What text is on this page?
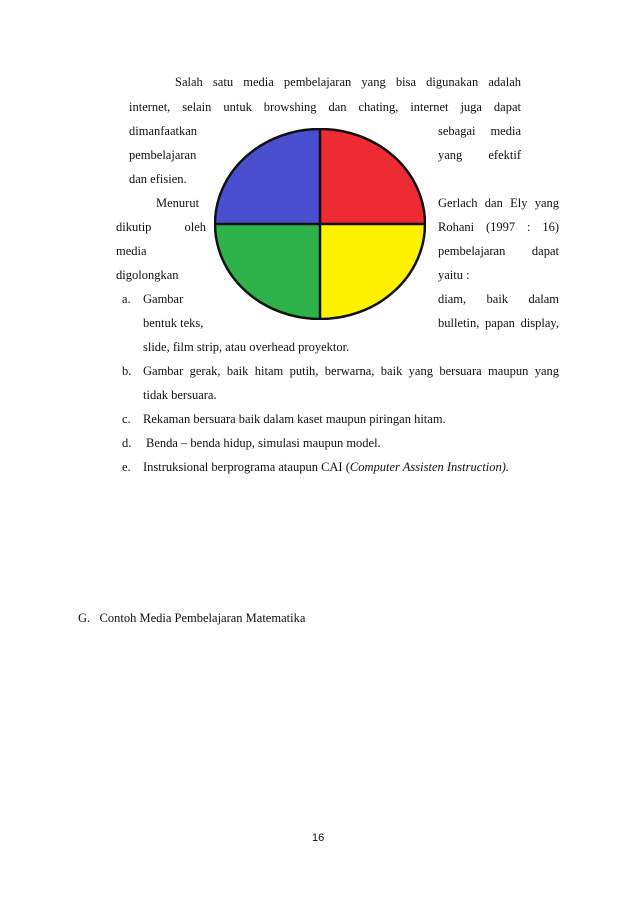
Salah satu media pembelajaran yang bisa digunakan adalah
internet, selain untuk browshing dan chating, internet juga dapat
dimanfaatkan	sebagai media
pembelajaran	yang efektif
dan efisien.
Menurut	Gerlach dan Ely yang
dikutip oleh	Rohani (1997 : 16)
media	pembelajaran dapat
digolongkan	yaitu :
a. Gambar	diam, baik dalam
bentuk teks,	bulletin, papan display,
slide, film strip, atau overhead proyektor.
b. Gambar gerak, baik hitam putih, berwarna, baik yang bersuara maupun yang
tidak bersuara.
c. Rekaman bersuara baik dalam kaset maupun piringan hitam.
d. Benda – benda hidup, simulasi maupun model.
e. Instruksional berprograma ataupun CAI (Computer Assisten Instruction).
G.   Contoh Media Pembelajaran Matematika
16
